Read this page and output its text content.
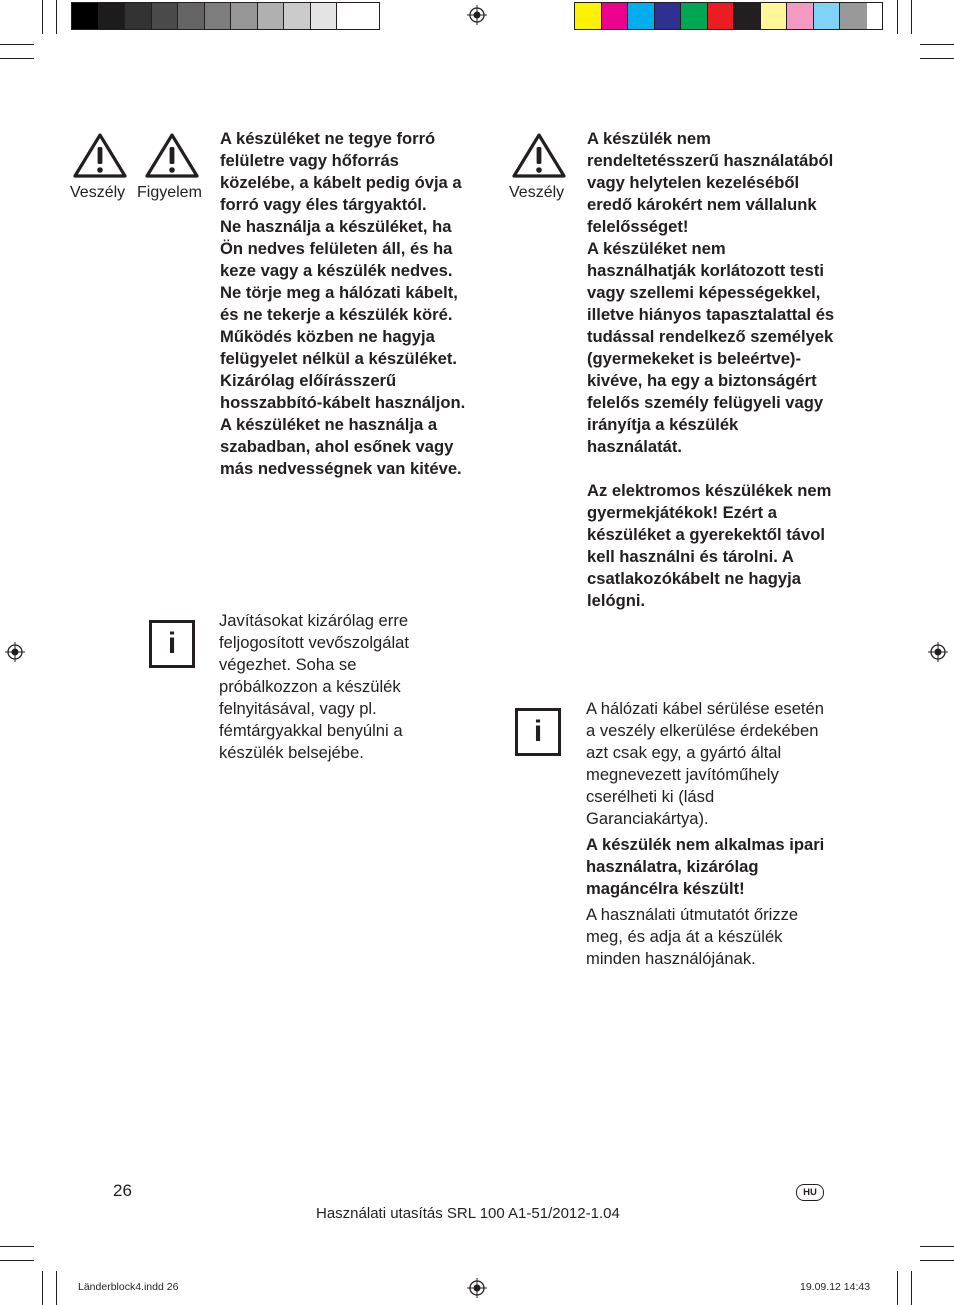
Veszély Figyelem

A készüléket ne tegye forró felületre vagy hőforrás közelébe, a kábelt pedig óvja a forró vagy éles tárgyaktól.

Ne használja a készüléket, ha Ön nedves felületen áll, és ha keze vagy a készülék nedves.

Ne törje meg a hálózati kábelt, és ne tekerje a készülék köré.

Működés közben ne hagyja felügyelet nélkül a készüléket. Kizárólag előírásszerű hosszabbító-kábelt használjon. A készüléket ne használja a szabadban, ahol esőnek vagy más nedvességnek van kitéve.

i
Javításokat kizárólag erre feljogosított vevőszolgálat végezhet. Soha se próbálkozzon a készülék felnyitásával, vagy pl. fémtárgyakkal benyúlni a készülék belsejébe.
Veszély

A készülék nem rendeltetésszerű használatából vagy helytelen kezeléséből eredő károkért nem vállalunk felelősséget!

A készüléket nem használhatják korlátozott testi vagy szellemi képességekkel, illetve hiányos tapasztalattal és tudással rendelkező személyek (gyermekeket is beleértve)-kivéve, ha egy a biztonságért felelős személy felügyeli vagy irányítja a készülék használatát.

Az elektromos készülékek nem gyermekjátékok! Ezért a készüléket a gyerekektől távol kell használni és tárolni. A csatlakozókábelt ne hagyja lelógni.

i

A hálózati kábel sérülése esetén a veszély elkerülése érdekében azt csak egy, a gyártó által megnevezett javítóműhely cserélheti ki (lásd Garanciakártya).

A készülék nem alkalmas ipari használatra, kizárólag magáncélra készült!

A használati útmutatót őrizze meg, és adja át a készülék minden használójának.

26	HU
Használati utasítás SRL 100 A1-51/2012-1.04
Länderblock4.indd 26	19.09.12 14:43
